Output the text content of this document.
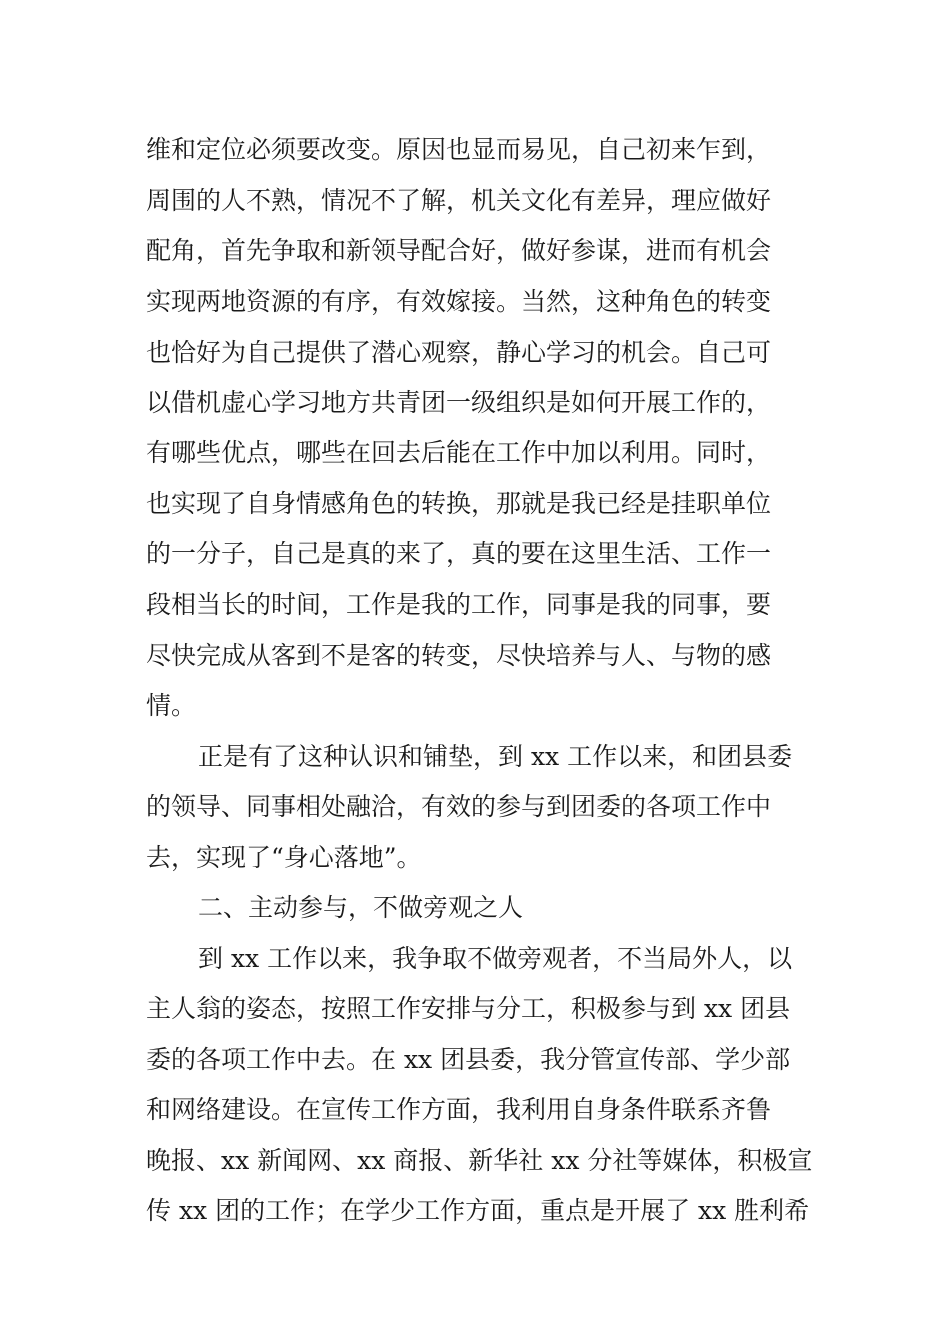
维和定位必须要改变。原因也显而易见，自己初来乍到，
周围的人不熟，情况不了解，机关文化有差异，理应做好
配角，首先争取和新领导配合好，做好参谋，进而有机会
实现两地资源的有序，有效嫁接。当然，这种角色的转变
也恰好为自己提供了潜心观察，静心学习的机会。自己可
以借机虚心学习地方共青团一级组织是如何开展工作的，
有哪些优点，哪些在回去后能在工作中加以利用。同时，
也实现了自身情感角色的转换，那就是我已经是挂职单位
的一分子，自己是真的来了，真的要在这里生活、工作一
段相当长的时间，工作是我的工作，同事是我的同事，要
尽快完成从客到不是客的转变，尽快培养与人、与物的感
情。
正是有了这种认识和铺垫，到 xx 工作以来，和团县委
的领导、同事相处融洽，有效的参与到团委的各项工作中
去，实现了“身心落地”。
二、主动参与，不做旁观之人
到 xx 工作以来，我争取不做旁观者，不当局外人，以
主人翁的姿态，按照工作安排与分工，积极参与到 xx 团县
委的各项工作中去。在 xx 团县委，我分管宣传部、学少部
和网络建设。在宣传工作方面，我利用自身条件联系齐鲁
晚报、xx 新闻网、xx 商报、新华社 xx 分社等媒体，积极宣
传 xx 团的工作；在学少工作方面，重点是开展了 xx 胜利希
